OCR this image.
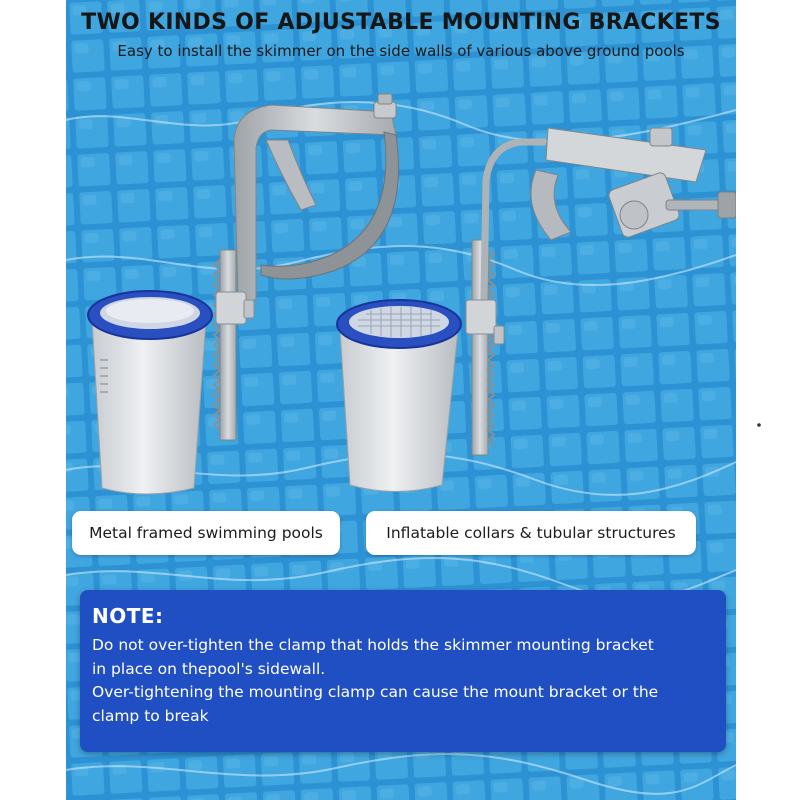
TWO KINDS OF ADJUSTABLE MOUNTING BRACKETS

Easy to install the skimmer on the side walls of various above ground pools

Metal framed swimming pools	Inflatable collars & tubular structures

NOTE:

Do not over-tighten the clamp that holds the skimmer mounting bracket

in place on thepool's sidewall.

Over-tightening the mounting clamp can cause the mount bracket or the

clamp to break
